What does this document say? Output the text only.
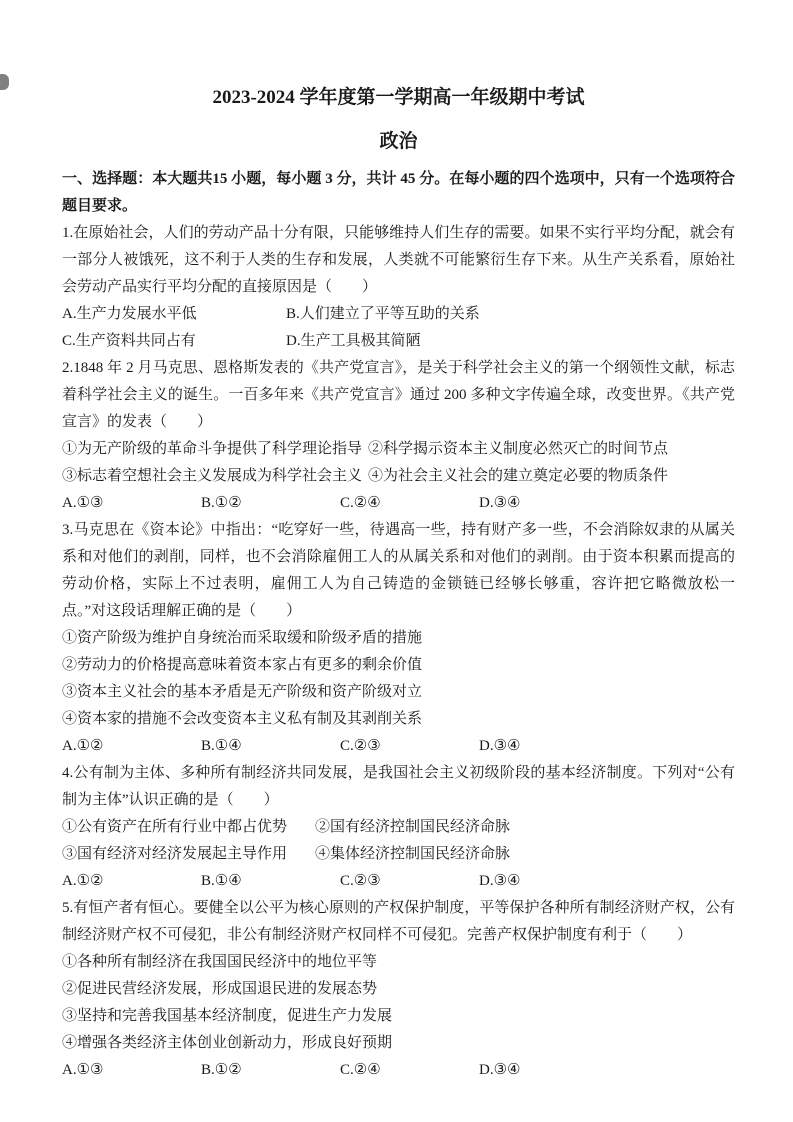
2023-2024 学年度第一学期高一年级期中考试
政治

一、选择题：本大题共15 小题，每小题 3 分，共计 45 分。在每小题的四个选项中，只有一个选项符合题目要求。

1.在原始社会，人们的劳动产品十分有限，只能够维持人们生存的需要。如果不实行平均分配，就会有一部分人被饿死，这不利于人类的生存和发展，人类就不可能繁衍生存下来。从生产关系看，原始社会劳动产品实行平均分配的直接原因是（　　）

A.生产力发展水平低	B.人们建立了平等互助的关系
C.生产资料共同占有	D.生产工具极其简陋

2.1848 年 2 月马克思、恩格斯发表的《共产党宣言》，是关于科学社会主义的第一个纲领性文献，标志着科学社会主义的诞生。一百多年来《共产党宣言》通过 200 多种文字传遍全球，改变世界。《共产党宣言》的发表（　　）

①为无产阶级的革命斗争提供了科学理论指导 ②科学揭示资本主义制度必然灭亡的时间节点
③标志着空想社会主义发展成为科学社会主义 ④为社会主义社会的建立奠定必要的物质条件
A.①③	B.①②	C.②④	D.③④

3.马克思在《资本论》中指出：“吃穿好一些，待遇高一些，持有财产多一些，不会消除奴隶的从属关系和对他们的剥削，同样，也不会消除雇佣工人的从属关系和对他们的剥削。由于资本积累而提高的劳动价格，实际上不过表明，雇佣工人为自己铸造的金锁链已经够长够重，容许把它略微放松一点。”对这段话理解正确的是（　　）

①资产阶级为维护自身统治而采取缓和阶级矛盾的措施
②劳动力的价格提高意味着资本家占有更多的剩余价值
③资本主义社会的基本矛盾是无产阶级和资产阶级对立
④资本家的措施不会改变资本主义私有制及其剥削关系
A.①②	B.①④	C.②③	D.③④

4.公有制为主体、多种所有制经济共同发展，是我国社会主义初级阶段的基本经济制度。下列对“公有制为主体”认识正确的是（　　）

①公有资产在所有行业中都占优势	②国有经济控制国民经济命脉
③国有经济对经济发展起主导作用	④集体经济控制国民经济命脉
A.①②	B.①④	C.②③	D.③④

5.有恒产者有恒心。要健全以公平为核心原则的产权保护制度，平等保护各种所有制经济财产权，公有制经济财产权不可侵犯，非公有制经济财产权同样不可侵犯。完善产权保护制度有利于（　　）

①各种所有制经济在我国国民经济中的地位平等
②促进民营经济发展，形成国退民进的发展态势
③坚持和完善我国基本经济制度，促进生产力发展
④增强各类经济主体创业创新动力，形成良好预期
A.①③	B.①②	C.②④	D.③④
